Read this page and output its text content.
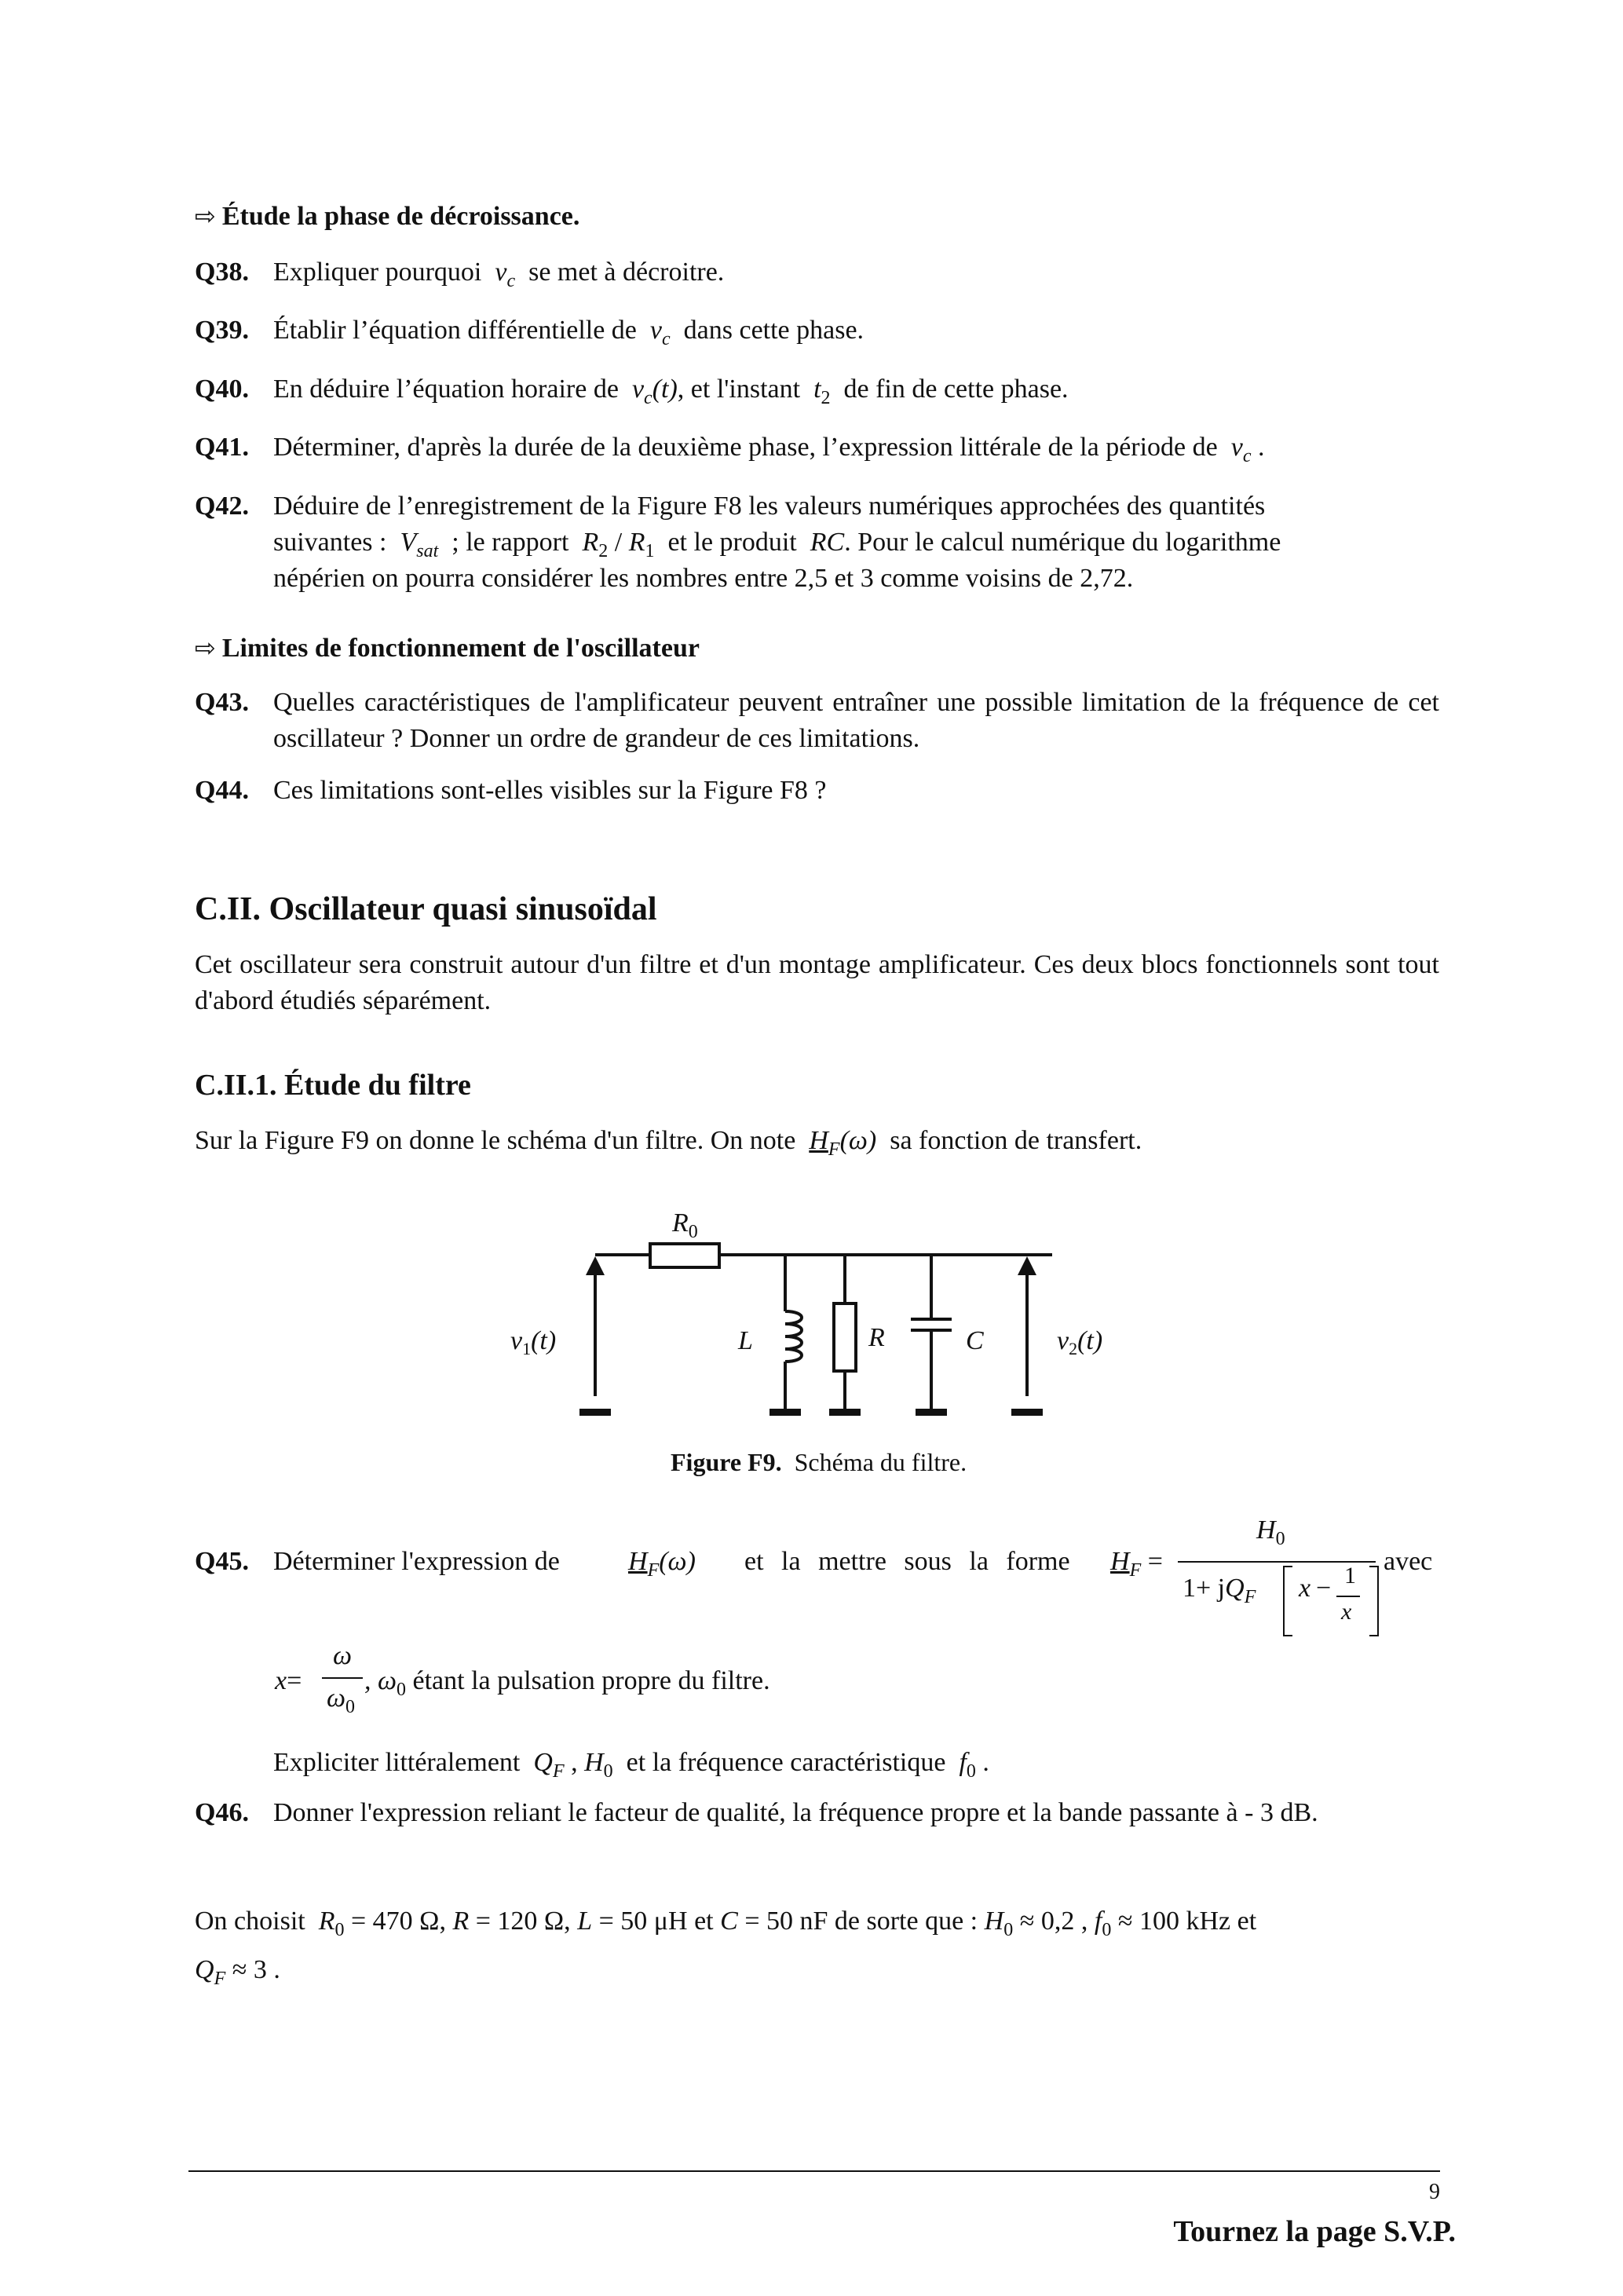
⇨ Étude la phase de décroissance.
Q38. Expliquer pourquoi $v_c$ se met à décroitre.
Q39. Établir l’équation différentielle de $v_c$ dans cette phase.
Q40. En déduire l’équation horaire de $v_c(t)$, et l'instant $t_2$ de fin de cette phase.
Q41. Déterminer, d'après la durée de la deuxième phase, l’expression littérale de la période de $v_c$ .
Q42. Déduire de l’enregistrement de la Figure F8 les valeurs numériques approchées des quantités
suivantes : $V_{sat}$ ; le rapport $R_2 / R_1$ et le produit RC. Pour le calcul numérique du logarithme
népérien on pourra considérer les nombres entre 2,5 et 3 comme voisins de 2,72.
⇨ Limites de fonctionnement de l'oscillateur
Q43. Quelles caractéristiques de l'amplificateur peuvent entraîner une possible limitation de la fréquence de cet oscillateur ? Donner un ordre de grandeur de ces limitations.
Q44. Ces limitations sont-elles visibles sur la Figure F8 ?
C.II. Oscillateur quasi sinusoïdal
Cet oscillateur sera construit autour d'un filtre et d'un montage amplificateur. Ces deux blocs fonctionnels sont tout d'abord étudiés séparément.
C.II.1. Étude du filtre
Sur la Figure F9 on donne le schéma d'un filtre. On note $H_F(\omega)$ sa fonction de transfert.
$R_0$
$v_1(t)$	L	R	C	$v_2(t)$
Figure F9. Schéma du filtre.
Q45. Déterminer l'expression de	$H_F(\omega)$ et la mettre sous la forme $H_F$ =
$H_0$
$1+ jQ_F$ x − 1
x
avec
x=
ω
$\omega_0$
, $\omega_0$ étant la pulsation propre du filtre.
Expliciter littéralement $Q_F$ , $H_0$ et la fréquence caractéristique $f_0$ .
Q46. Donner l'expression reliant le facteur de qualité, la fréquence propre et la bande passante à - 3 dB.
On choisit $R_0 = 470$ Ω, R = 120 Ω, L = 50 μH et C = 50 nF de sorte que : $H_0 \approx 0,2$ , $f_0 \approx 100$ kHz et
$Q_F \approx 3$ .
9
Tournez la page S.V.P.
